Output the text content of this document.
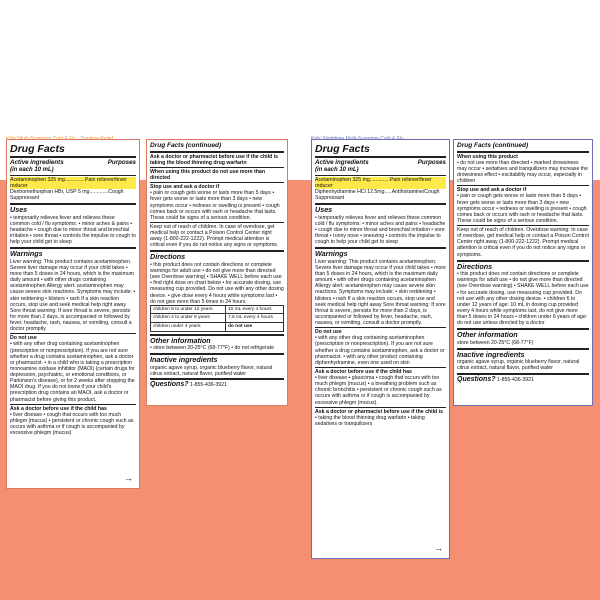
Drug Facts
Active ingredients	Purposes
(in each 10 mL)
Acetaminophen 325 mg..............Pain reliever/fever reducer
Dextromethorphan HBr, USP 5 mg.............Cough Suppressant
Uses
• temporarily relieves fever and relieves these common cold / flu symptoms: • minor aches & pains • headache • cough due to minor throat and bronchial irritation • sore throat • controls the impulse to cough to help your child get to sleep
Warnings
Liver warning: This product contains acetaminophen. Severe liver damage may occur if your child takes • more than 5 doses in 24 hours, which is the maximum daily amount • with other drugs containing acetaminophen Allergy alert: acetaminophen may cause severe skin reactions. Symptoms may include: • skin reddening • blisters • rash If a skin reaction occurs, stop use and seek medical help right away Sore throat warning: If sore throat is severe, persists for more than 2 days, is accompanied or followed by fever, headache, rash, nausea, or vomiting, consult a doctor promptly.
Do not use
• with any other drug containing acetaminophen (prescription or nonprescription). If you are not sure whether a drug contains acetaminophen, ask a doctor or pharmacist. • in a child who is taking a prescription monoamine oxidase inhibitor (MAOI) (certain drugs for depression, psychiatric, or emotional conditions, or Parkinson's disease), or for 2 weeks after stopping the MAOI drug. If you do not know if your child's prescription drug contains an MAOI, ask a doctor or pharmacist before giving this product.
Ask a doctor before use if the child has
• liver disease • cough that occurs with too much phlegm (mucus) • persistent or chronic cough such as occurs with asthma or if cough is accompanied by excessive phlegm (mucus)
→
Drug Facts (continued)
Ask a doctor or pharmacist before use if the child is taking the blood thinning drug warfarin
When using this product do not use more than directed
Stop use and ask a doctor if
• pain or cough gets worse or lasts more than 5 days • fever gets worse or lasts more than 3 days • new symptoms occur • redness or swelling is present • cough comes back or occurs with rash or headache that lasts. These could be signs of a serious condition.
Keep out of reach of children. In case of overdose, get medical help or contact a Poison Control Center right away (1-800-222-1222). Prompt medical attention is critical even if you do not notice any signs or symptoms.
Directions
• this product does not contain directions or complete warnings for adult use • do not give more than directed (see Overdose warning) • SHAKE WELL before each use • find right dose on chart below • for accurate dosing, use measuring cup provided. Do not use with any other dosing device. • give dose every 4 hours while symptoms last • do not give more than 5 times in 24 hours
children 6 to under 12 years	10 mL every 4 hours
children 4 to under 6 years	7.5 mL every 4 hours
children under 4 years	do not use
Other information
• store between 20-25°C (68-77°F) • do not refrigerate
Inactive ingredients
organic agave syrup, organic blueberry flavor, natural citrus extract, natural flavor, purified water
Questions? 1-855-436-3921
Drug Facts
Active ingredients	Purposes
(in each 10 mL)
Acetaminophen 325 mg..............Pain reliever/fever reducer
Diphenhydramine HCl 12.5mg.....Antihistamine/Cough Suppressant
Uses
• temporarily relieves fever and relieves these common cold / flu symptoms: • minor aches and pains • headache • cough due to minor throat and bronchial irritation • sore throat • runny nose • sneezing • controls the impulse to cough to help your child get to sleep
Warnings
Liver warning: This product contains acetaminophen. Severe liver damage may occur if your child takes • more than 5 doses in 24 hours, which is the maximum daily amount • with other drugs containing acetaminophen Allergy alert: acetaminophen may cause severe skin reactions. Symptoms may include: • skin reddening • blisters • rash If a skin reaction occurs, stop use and seek medical help right away Sore throat warning: If sore throat is severe, persists for more than 2 days, is accompanied or followed by fever, headache, rash, nausea, or vomiting, consult a doctor promptly.
Do not use
• with any other drug containing acetaminophen (prescription or nonprescription). If you are not sure whether a drug contains acetaminophen, ask a doctor or pharmacist. • with any other product containing diphenhydramine, even one used on skin
Ask a doctor before use if the child has
• liver disease • glaucoma • cough that occurs with too much phlegm (mucus) • a breathing problem such as chronic bronchitis • persistent or chronic cough such as occurs with asthma or if cough is accompanied by excessive phlegm (mucus).
Ask a doctor or pharmacist before use if the child is
• taking the blood thinning drug warfarin • taking sedatives or tranquilizers
→
Drug Facts (continued)
When using this product
• do not use more than directed • marked drowsiness may occur • sedatives and tranquilizers may increase the drowsiness effect • excitability may occur, especially in children
Stop use and ask a doctor if
• pain or cough gets worse or lasts more than 5 days • fever gets worse or lasts more than 3 days • new symptoms occur • redness or swelling is present • cough comes back or occurs with rash or headache that lasts. These could be signs of a serious condition.
Keep out of reach of children. Overdose warning: In case of overdose, get medical help or contact a Poison Control Center right away (1-800-222-1222). Prompt medical attention is critical even if you do not notice any signs or symptoms.
Directions
• this product does not contain directions or complete warnings for adult use • do not give more than directed (see Overdose warning) • SHAKE WELL before each use • for accurate dosing, use measuring cup provided. Do not use with any other dosing device. • children 6 to under 12 years of age: 10 mL in dosing cup provided every 4 hours while symptoms last, do not give more than 5 doses in 24 hours • children under 6 years of age: do not use unless directed by a doctor
Other information
store between 20-25°C (68-77°F)
Inactive ingredients
organic agave syrup, organic blueberry flavor, natural citrus extract, natural flavor, purified water
Questions? 1-855-436-3921
